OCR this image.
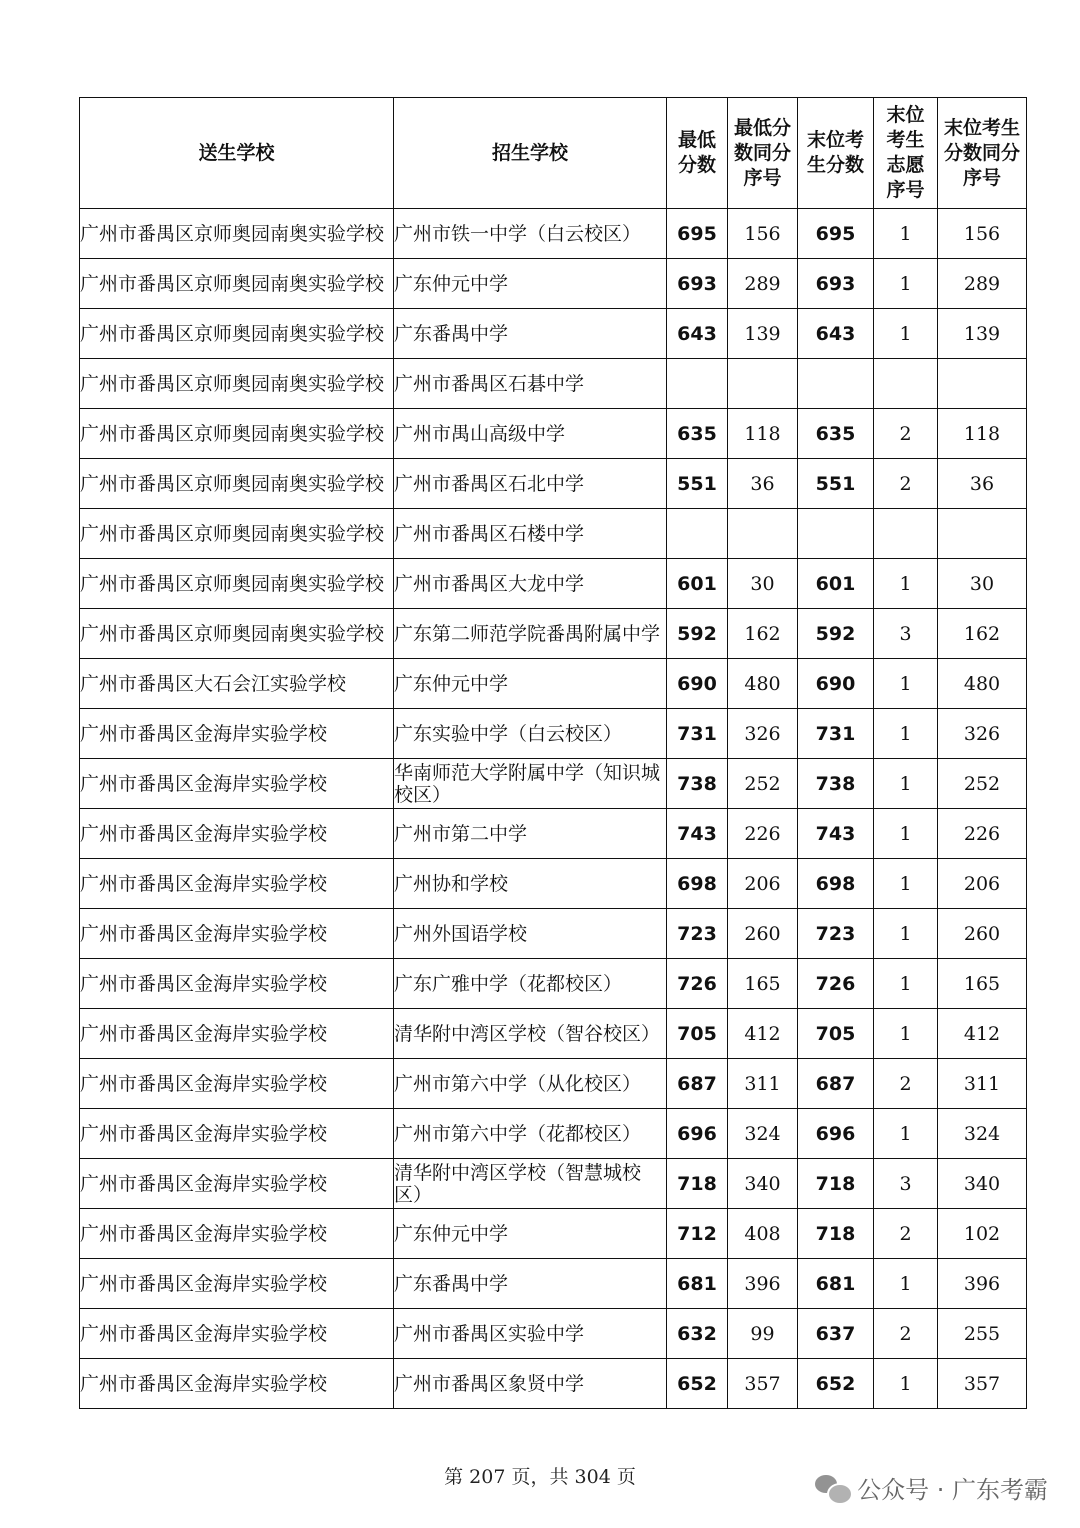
送生学校	招生学校	最低分数	最低分数同分序号	末位考生分数	末位考生志愿序号	末位考生分数同分序号
广州市番禺区京师奥园南奥实验学校	广州市铁一中学（白云校区）	695	156	695	1	156
广州市番禺区京师奥园南奥实验学校	广东仲元中学	693	289	693	1	289
广州市番禺区京师奥园南奥实验学校	广东番禺中学	643	139	643	1	139
广州市番禺区京师奥园南奥实验学校	广州市番禺区石碁中学					
广州市番禺区京师奥园南奥实验学校	广州市禺山高级中学	635	118	635	2	118
广州市番禺区京师奥园南奥实验学校	广州市番禺区石北中学	551	36	551	2	36
广州市番禺区京师奥园南奥实验学校	广州市番禺区石楼中学					
广州市番禺区京师奥园南奥实验学校	广州市番禺区大龙中学	601	30	601	1	30
广州市番禺区京师奥园南奥实验学校	广东第二师范学院番禺附属中学	592	162	592	3	162
广州市番禺区大石会江实验学校	广东仲元中学	690	480	690	1	480
广州市番禺区金海岸实验学校	广东实验中学（白云校区）	731	326	731	1	326
广州市番禺区金海岸实验学校	华南师范大学附属中学（知识城校区）	738	252	738	1	252
广州市番禺区金海岸实验学校	广州市第二中学	743	226	743	1	226
广州市番禺区金海岸实验学校	广州协和学校	698	206	698	1	206
广州市番禺区金海岸实验学校	广州外国语学校	723	260	723	1	260
广州市番禺区金海岸实验学校	广东广雅中学（花都校区）	726	165	726	1	165
广州市番禺区金海岸实验学校	清华附中湾区学校（智谷校区）	705	412	705	1	412
广州市番禺区金海岸实验学校	广州市第六中学（从化校区）	687	311	687	2	311
广州市番禺区金海岸实验学校	广州市第六中学（花都校区）	696	324	696	1	324
广州市番禺区金海岸实验学校	清华附中湾区学校（智慧城校区）	718	340	718	3	340
广州市番禺区金海岸实验学校	广东仲元中学	712	408	718	2	102
广州市番禺区金海岸实验学校	广东番禺中学	681	396	681	1	396
广州市番禺区金海岸实验学校	广州市番禺区实验中学	632	99	637	2	255
广州市番禺区金海岸实验学校	广州市番禺区象贤中学	652	357	652	1	357
第 207 页，共 304 页	公众号 · 广东考霸
